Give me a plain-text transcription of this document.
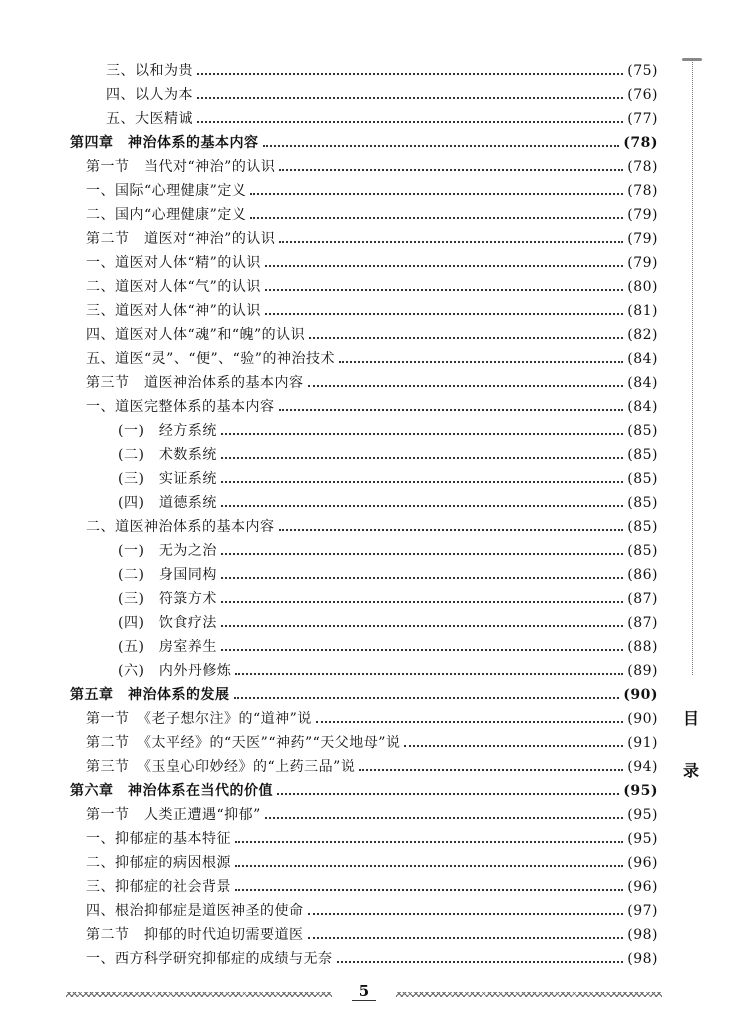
三、以和为贵	(75)
四、以人为本	(76)
五、大医精诚	(77)
第四章　神治体系的基本内容	(78)
第一节　当代对“神治”的认识	(78)
一、国际“心理健康”定义	(78)
二、国内“心理健康”定义	(79)
第二节　道医对“神治”的认识	(79)
一、道医对人体“精”的认识	(79)
二、道医对人体“气”的认识	(80)
三、道医对人体“神”的认识	(81)
四、道医对人体“魂”和“魄”的认识	(82)
五、道医“灵”、“便”、“验”的神治技术	(84)
第三节　道医神治体系的基本内容	(84)
一、道医完整体系的基本内容	(84)
(一)　经方系统	(85)
(二)　术数系统	(85)
(三)　实证系统	(85)
(四)　道德系统	(85)
二、道医神治体系的基本内容	(85)
(一)　无为之治	(85)
(二)　身国同构	(86)
(三)　符箓方术	(87)
(四)　饮食疗法	(87)
(五)　房室养生	(88)
(六)　内外丹修炼	(89)
第五章　神治体系的发展	(90)
第一节　《老子想尔注》的“道神”说	(90)
第二节　《太平经》的“天医”“神药”“天父地母”说	(91)
第三节　《玉皇心印妙经》的“上药三品”说	(94)
第六章　神治体系在当代的价值	(95)
第一节　人类正遭遇“抑郁”	(95)
一、抑郁症的基本特征	(95)
二、抑郁症的病因根源	(96)
三、抑郁症的社会背景	(96)
四、根治抑郁症是道医神圣的使命	(97)
第二节　抑郁的时代迫切需要道医	(98)
一、西方科学研究抑郁症的成绩与无奈	(98)
目
录
5
